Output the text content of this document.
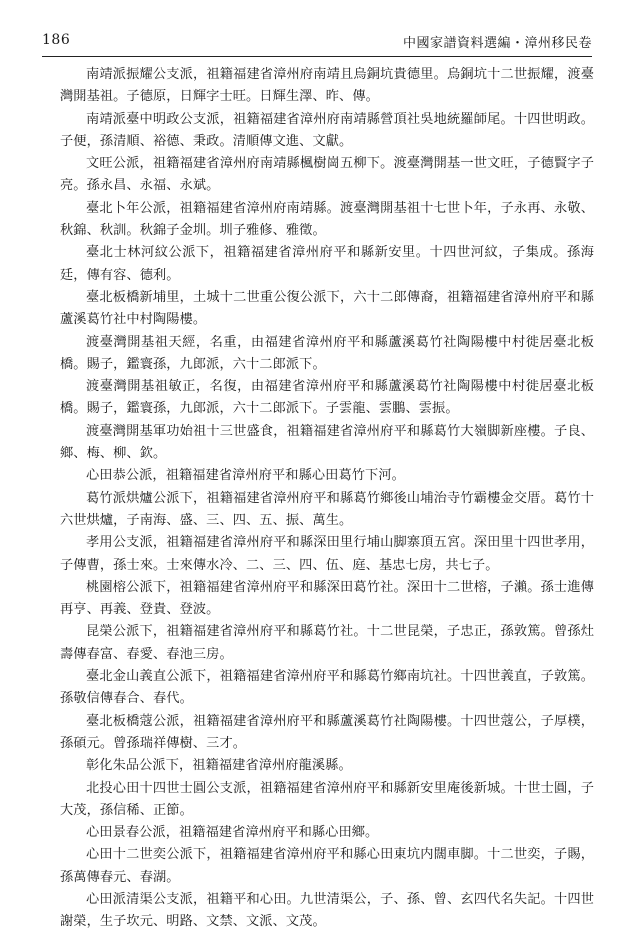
186	中國家譜資料選編・漳州移民卷

南靖派振耀公支派，祖籍福建省漳州府南靖且烏銅坑貴德里。烏銅坑十二世振耀，渡臺灣開基祖。子德原，日輝字士旺。日輝生澤、昨、傳。

南靖派臺中明政公支派，祖籍福建省漳州府南靖縣營頂社吳地統羅師尾。十四世明政。子便，孫清順、裕德、秉政。清順傳文進、文獻。

文旺公派，祖籍福建省漳州府南靖縣楓樹崗五柳下。渡臺灣開基一世文旺，子德賢字子亮。孫永昌、永福、永斌。

臺北卜年公派，祖籍福建省漳州府南靖縣。渡臺灣開基祖十七世卜年，子永再、永敬、秋錦、秋訓。秋錦子金圳。圳子雅修、雅徵。

臺北士林河紋公派下，祖籍福建省漳州府平和縣新安里。十四世河紋，子集成。孫海廷，傳有容、德利。

臺北板橋新埔里，土城十二世重公復公派下，六十二郎傳裔，祖籍福建省漳州府平和縣蘆溪葛竹社中村陶陽樓。

渡臺灣開基祖天經，名重，由福建省漳州府平和縣蘆溪葛竹社陶陽樓中村徙居臺北板橋。賜子，鑑寰孫，九郎派，六十二郎派下。

渡臺灣開基祖敏正，名復，由福建省漳州府平和縣蘆溪葛竹社陶陽樓中村徙居臺北板橋。賜子，鑑寰孫，九郎派，六十二郎派下。子雲龍、雲鵬、雲振。

渡臺灣開基軍功始祖十三世盛食，祖籍福建省漳州府平和縣葛竹大嶺脚新座樓。子良、鄉、梅、柳、欽。

心田恭公派，祖籍福建省漳州府平和縣心田葛竹下河。

葛竹派烘爐公派下，祖籍福建省漳州府平和縣葛竹鄉後山埔治寺竹霸樓金交厝。葛竹十六世烘爐，子南海、盛、三、四、五、振、萬生。

孝用公支派，祖籍福建省漳州府平和縣深田里行埔山脚寨頂五宮。深田里十四世孝用，子傳曹，孫士來。士來傳水冷、二、三、四、伍、庭、基忠七房，共七子。

桃園榕公派下，祖籍福建省漳州府平和縣深田葛竹社。深田十二世榕，子瀨。孫士進傳再亨、再義、登貴、登波。

昆榮公派下，祖籍福建省漳州府平和縣葛竹社。十二世昆榮，子忠正，孫敦篤。曾孫灶壽傳春富、春愛、春池三房。

臺北金山義直公派下，祖籍福建省漳州府平和縣葛竹鄉南坑社。十四世義直，子敦篤。孫敬信傳春合、春代。

臺北板橋蔻公派，祖籍福建省漳州府平和縣蘆溪葛竹社陶陽樓。十四世蔻公，子厚樸，孫碩元。曾孫瑞祥傳樹、三才。

彰化朱品公派下，祖籍福建省漳州府龍溪縣。

北投心田十四世士圓公支派，祖籍福建省漳州府平和縣新安里庵後新城。十世士圓，子大茂，孫信稀、正節。

心田景春公派，祖籍福建省漳州府平和縣心田鄉。

心田十二世奕公派下，祖籍福建省漳州府平和縣心田東坑内闊車脚。十二世奕，子賜，孫萬傳春元、春湖。

心田派清渠公支派，祖籍平和心田。九世清渠公，子、孫、曾、玄四代名失記。十四世謝榮，生子坎元、明路、文禁、文派、文茂。
